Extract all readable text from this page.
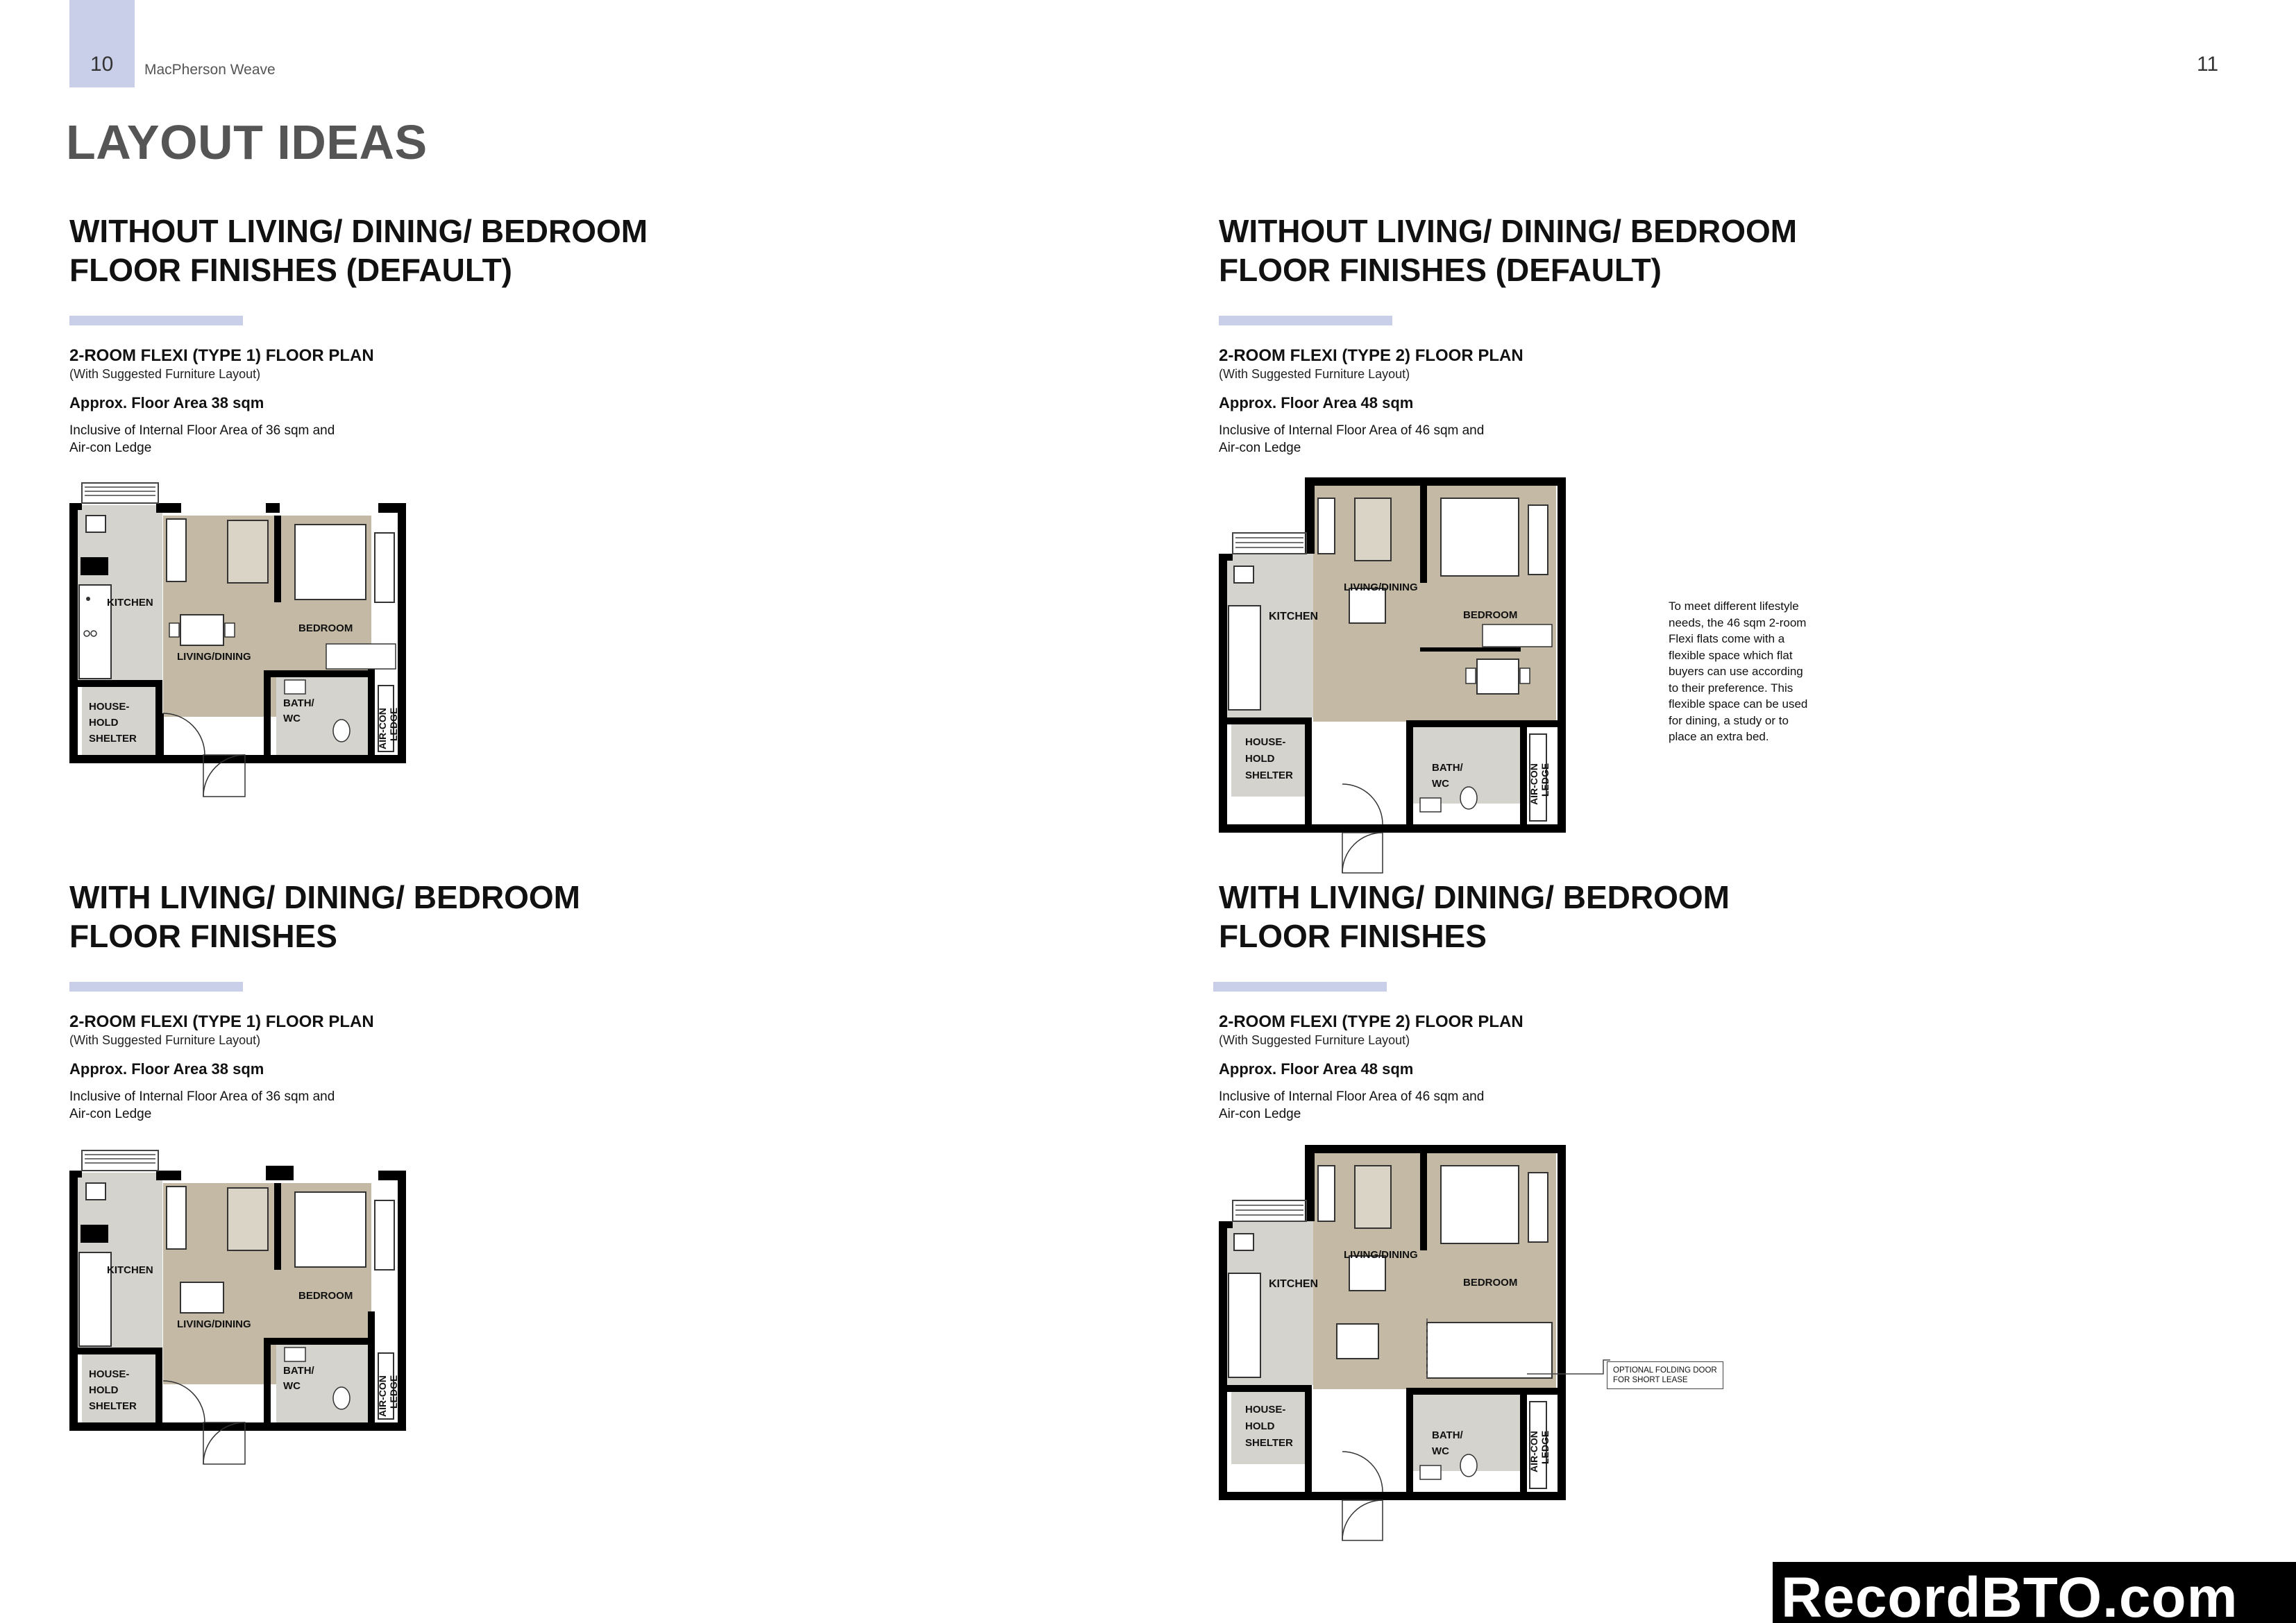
10 MacPherson Weave	11
LAYOUT IDEAS
WITHOUT LIVING/ DINING/ BEDROOM
FLOOR FINISHES (DEFAULT)
2-ROOM FLEXI (TYPE 1) FLOOR PLAN
(With Suggested Furniture Layout)
Approx. Floor Area 38 sqm
Inclusive of Internal Floor Area of 36 sqm and
Air-con Ledge
WITHOUT LIVING/ DINING/ BEDROOM
FLOOR FINISHES (DEFAULT)
2-ROOM FLEXI (TYPE 2) FLOOR PLAN
(With Suggested Furniture Layout)
Approx. Floor Area 48 sqm
Inclusive of Internal Floor Area of 46 sqm and
Air-con Ledge
WITH LIVING/ DINING/ BEDROOM
FLOOR FINISHES
2-ROOM FLEXI (TYPE 1) FLOOR PLAN
(With Suggested Furniture Layout)
Approx. Floor Area 38 sqm
Inclusive of Internal Floor Area of 36 sqm and
Air-con Ledge
WITH LIVING/ DINING/ BEDROOM
FLOOR FINISHES
2-ROOM FLEXI (TYPE 2) FLOOR PLAN
(With Suggested Furniture Layout)
Approx. Floor Area 48 sqm
Inclusive of Internal Floor Area of 46 sqm and
Air-con Ledge
KITCHEN
LIVING/DINING
BEDROOM
HOUSE-
HOLD
SHELTER
BATH/
WC	AIR-CON LEDGE
KITCHEN
LIVING/DINING
BEDROOM
HOUSE-
HOLD
SHELTER
BATH/
WC	AIR-CON LEDGE
KITCHEN
LIVING/DINING
BEDROOM
HOUSE-
HOLD
SHELTER
BATH/
WC	AIR-CON LEDGE
KITCHEN
LIVING/DINING
BEDROOM
HOUSE-
HOLD
SHELTER
BATH/
WC	AIR-CON LEDGE
OPTIONAL FOLDING DOOR
FOR SHORT LEASE
To meet different lifestyle
needs, the 46 sqm 2-room
Flexi flats come with a
flexible space which flat
buyers can use according
to their preference. This
flexible space can be used
for dining, a study or to
place an extra bed.
RecordBTO.com
